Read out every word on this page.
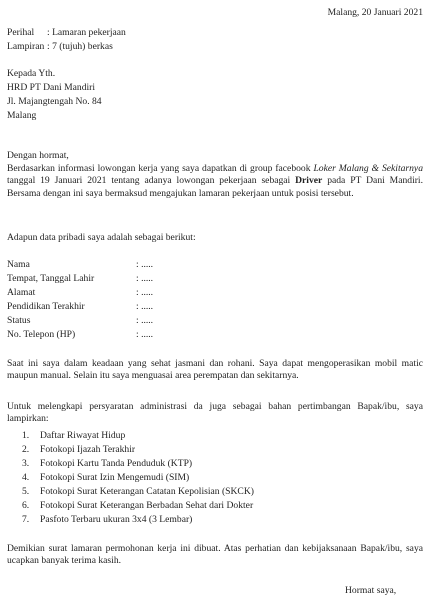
Malang, 20 Januari 2021
Perihal : Lamaran pekerjaan
Lampiran : 7 (tujuh) berkas
Kepada Yth.
HRD PT Dani Mandiri
Jl. Majangtengah No. 84
Malang
Dengan hormat,

Berdasarkan informasi lowongan kerja yang saya dapatkan di group facebook Loker Malang & Sekitarnya tanggal 19 Januari 2021 tentang adanya lowongan pekerjaan sebagai Driver pada PT Dani Mandiri. Bersama dengan ini saya bermaksud mengajukan lamaran pekerjaan untuk posisi tersebut.

Adapun data pribadi saya adalah sebagai berikut:
Nama	: .....
Tempat, Tanggal Lahir	: .....
Alamat	: .....
Pendidikan Terakhir	: .....
Status	: .....
No. Telepon (HP)	: .....

Saat ini saya dalam keadaan yang sehat jasmani dan rohani. Saya dapat mengoperasikan mobil matic maupun manual. Selain itu saya menguasai area perempatan dan sekitarnya.

Untuk melengkapi persyaratan administrasi da juga sebagai bahan pertimbangan Bapak/ibu, saya lampirkan:

1. Daftar Riwayat Hidup
2. Fotokopi Ijazah Terakhir
3. Fotokopi Kartu Tanda Penduduk (KTP)
4. Fotokopi Surat Izin Mengemudi (SIM)
5. Fotokopi Surat Keterangan Catatan Kepolisian (SKCK)
6. Fotokopi Surat Keterangan Berbadan Sehat dari Dokter
7. Pasfoto Terbaru ukuran 3x4 (3 Lembar)

Demikian surat lamaran permohonan kerja ini dibuat. Atas perhatian dan kebijaksanaan Bapak/ibu, saya ucapkan banyak terima kasih.

Hormat saya,
